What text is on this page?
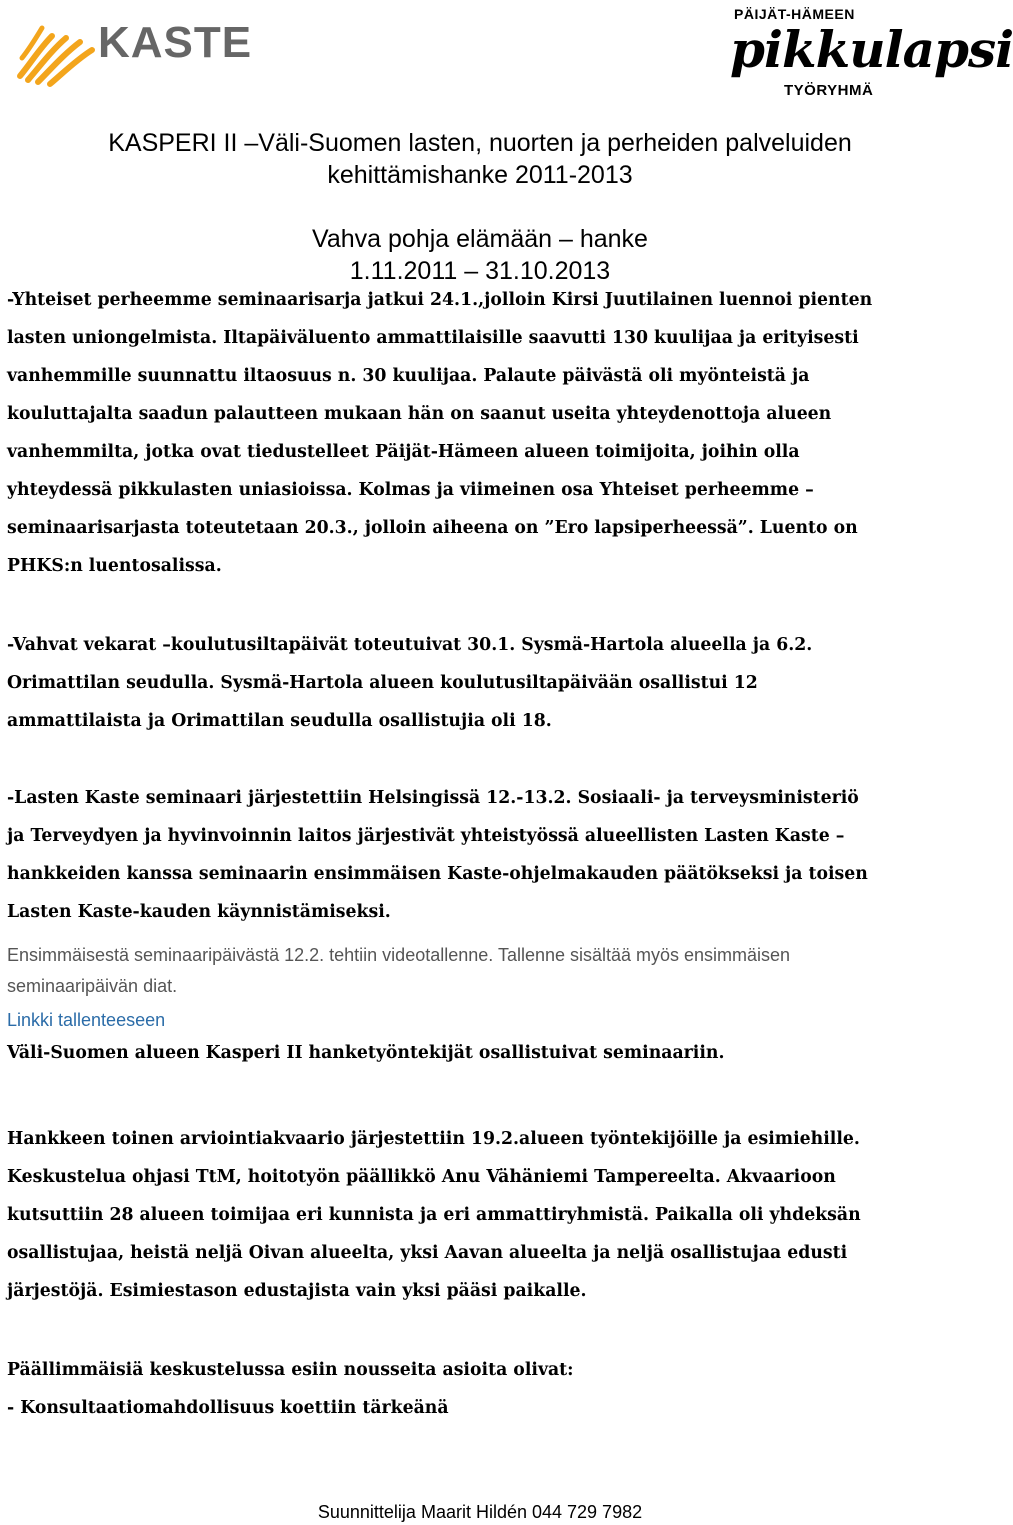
KASTE
PÄIJÄT-HÄMEEN
pikkulapsi
TYÖRYHMÄ
KASPERI II –Väli-Suomen lasten, nuorten ja perheiden palveluiden
kehittämishanke 2011-2013
Vahva pohja elämään – hanke
1.11.2011 – 31.10.2013
-Yhteiset perheemme seminaarisarja jatkui 24.1.,jolloin Kirsi Juutilainen luennoi pienten
lasten uniongelmista. Iltapäiväluento ammattilaisille saavutti 130 kuulijaa ja erityisesti
vanhemmille suunnattu iltaosuus n. 30 kuulijaa. Palaute päivästä oli myönteistä ja
kouluttajalta saadun palautteen mukaan hän on saanut useita yhteydenottoja alueen
vanhemmilta, jotka ovat tiedustelleet Päijät-Hämeen alueen toimijoita, joihin olla
yhteydessä pikkulasten uniasioissa. Kolmas ja viimeinen osa Yhteiset perheemme –
seminaarisarjasta toteutetaan 20.3., jolloin aiheena on ”Ero lapsiperheessä”. Luento on
PHKS:n luentosalissa.
-Vahvat vekarat –koulutusiltapäivät toteutuivat 30.1. Sysmä-Hartola alueella ja 6.2.
Orimattilan seudulla. Sysmä-Hartola alueen koulutusiltapäivään osallistui 12
ammattilaista ja Orimattilan seudulla osallistujia oli 18.
-Lasten Kaste seminaari järjestettiin Helsingissä 12.-13.2. Sosiaali- ja terveysministeriö
ja Terveydyen ja hyvinvoinnin laitos järjestivät yhteistyössä alueellisten Lasten Kaste –
hankkeiden kanssa seminaarin ensimmäisen Kaste-ohjelmakauden päätökseksi ja toisen
Lasten Kaste-kauden käynnistämiseksi.
Ensimmäisestä seminaaripäivästä 12.2. tehtiin videotallenne. Tallenne sisältää myös ensimmäisen
seminaaripäivän diat.
Linkki tallenteeseen
Väli-Suomen alueen Kasperi II hanketyöntekijät osallistuivat seminaariin.
Hankkeen toinen arviointiakvaario järjestettiin 19.2.alueen työntekijöille ja esimiehille.
Keskustelua ohjasi TtM, hoitotyön päällikkö Anu Vähäniemi Tampereelta. Akvaarioon
kutsuttiin 28 alueen toimijaa eri kunnista ja eri ammattiryhmistä. Paikalla oli yhdeksän
osallistujaa, heistä neljä Oivan alueelta, yksi Aavan alueelta ja neljä osallistujaa edusti
järjestöjä. Esimiestason edustajista vain yksi pääsi paikalle.
Päällimmäisiä keskustelussa esiin nousseita asioita olivat:
- Konsultaatiomahdollisuus koettiin tärkeänä
Suunnittelija Maarit Hildén 044 729 7982
